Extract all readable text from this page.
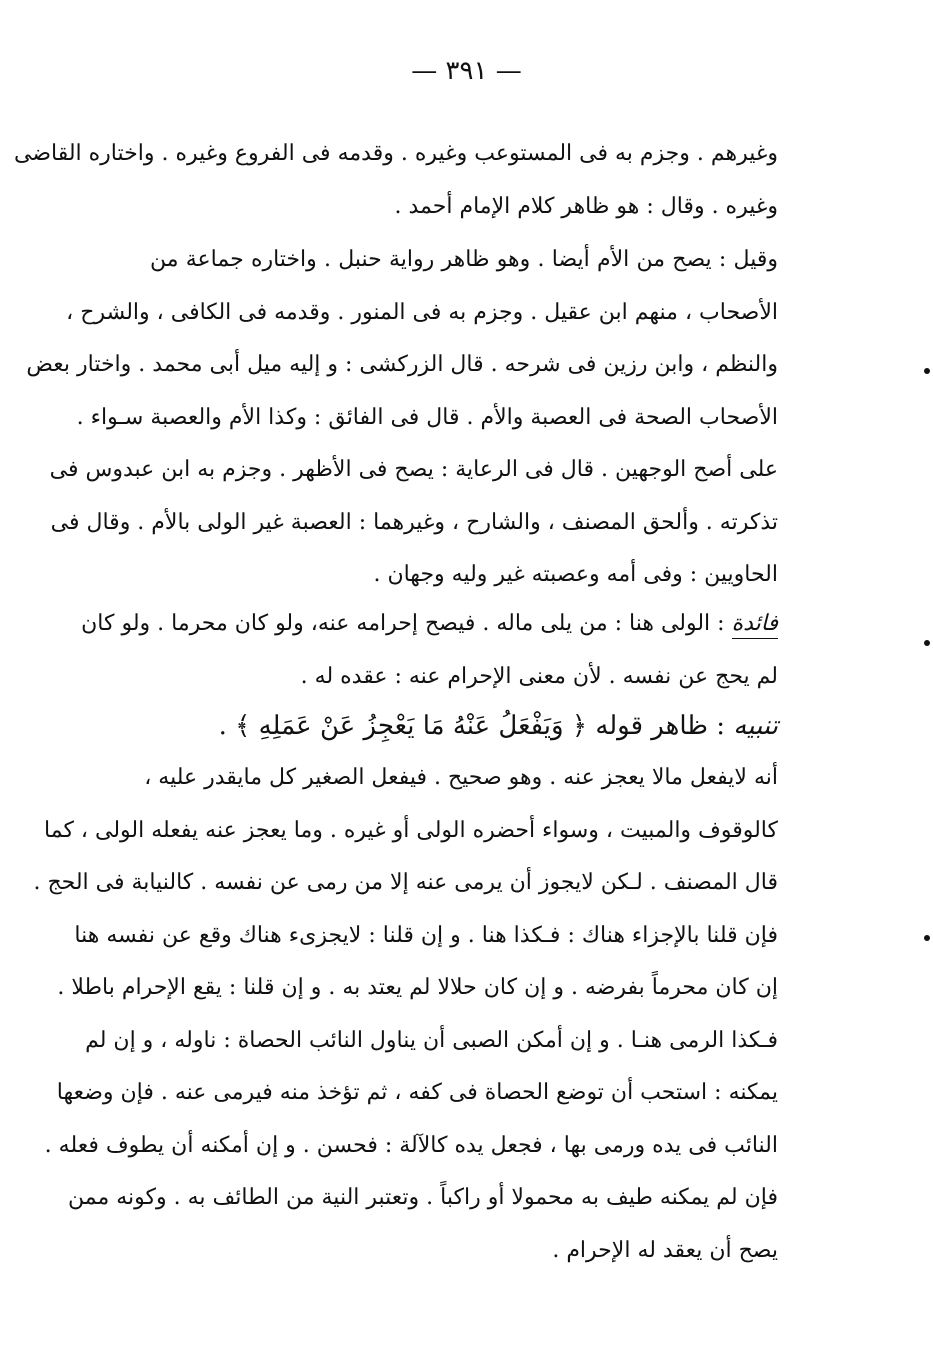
— ٣٩١ —
وغيرهم . وجزم به فى المستوعب وغيره . وقدمه فى الفروع وغيره . واختاره القاضى
وغيره . وقال : هو ظاهر كلام الإمام أحمد .
وقيل : يصح من الأم أيضا . وهو ظاهر رواية حنبل . واختاره جماعة من
الأصحاب ، منهم ابن عقيل . وجزم به فى المنور . وقدمه فى الكافى ، والشرح ،
والنظم ، وابن رزين فى شرحه . قال الزركشى : و إليه ميل أبى محمد . واختار بعض
الأصحاب الصحة فى العصبة والأم . قال فى الفائق : وكذا الأم والعصبة سـواء .
على أصح الوجهين . قال فى الرعاية : يصح فى الأظهر . وجزم به ابن عبدوس فى
تذكرته . وألحق المصنف ، والشارح ، وغيرهما : العصبة غير الولى بالأم . وقال فى
الحاويين : وفى أمه وعصبته غير وليه وجهان .
فائدة : الولى هنا : من يلى ماله . فيصح إحرامه عنه، ولو كان محرما . ولو كان
لم يحج عن نفسه . لأن معنى الإحرام عنه : عقده له .
تنبيه : ظاهر قوله ﴿ وَيَفْعَلُ عَنْهُ مَا يَعْجِزُ عَنْ عَمَلِهِ ﴾ .
أنه لايفعل مالا يعجز عنه . وهو صحيح . فيفعل الصغير كل مايقدر عليه ،
كالوقوف والمبيت ، وسواء أحضره الولى أو غيره . وما يعجز عنه يفعله الولى ، كما
قال المصنف . لـكن لايجوز أن يرمى عنه إلا من رمى عن نفسه . كالنيابة فى الحج .
فإن قلنا بالإجزاء هناك : فـكذا هنا . و إن قلنا : لايجزىء هناك وقع عن نفسه هنا
إن كان محرماً بفرضه . و إن كان حلالا لم يعتد به . و إن قلنا : يقع الإحرام باطلا .
فـكذا الرمى هنـا . و إن أمكن الصبى أن يناول النائب الحصاة : ناوله ، و إن لم
يمكنه : استحب أن توضع الحصاة فى كفه ، ثم تؤخذ منه فيرمى عنه . فإن وضعها
النائب فى يده ورمى بها ، فجعل يده كالآلة : فحسن . و إن أمكنه أن يطوف فعله .
فإن لم يمكنه طيف به محمولا أو راكباً . وتعتبر النية من الطائف به . وكونه ممن
يصح أن يعقد له الإحرام .
